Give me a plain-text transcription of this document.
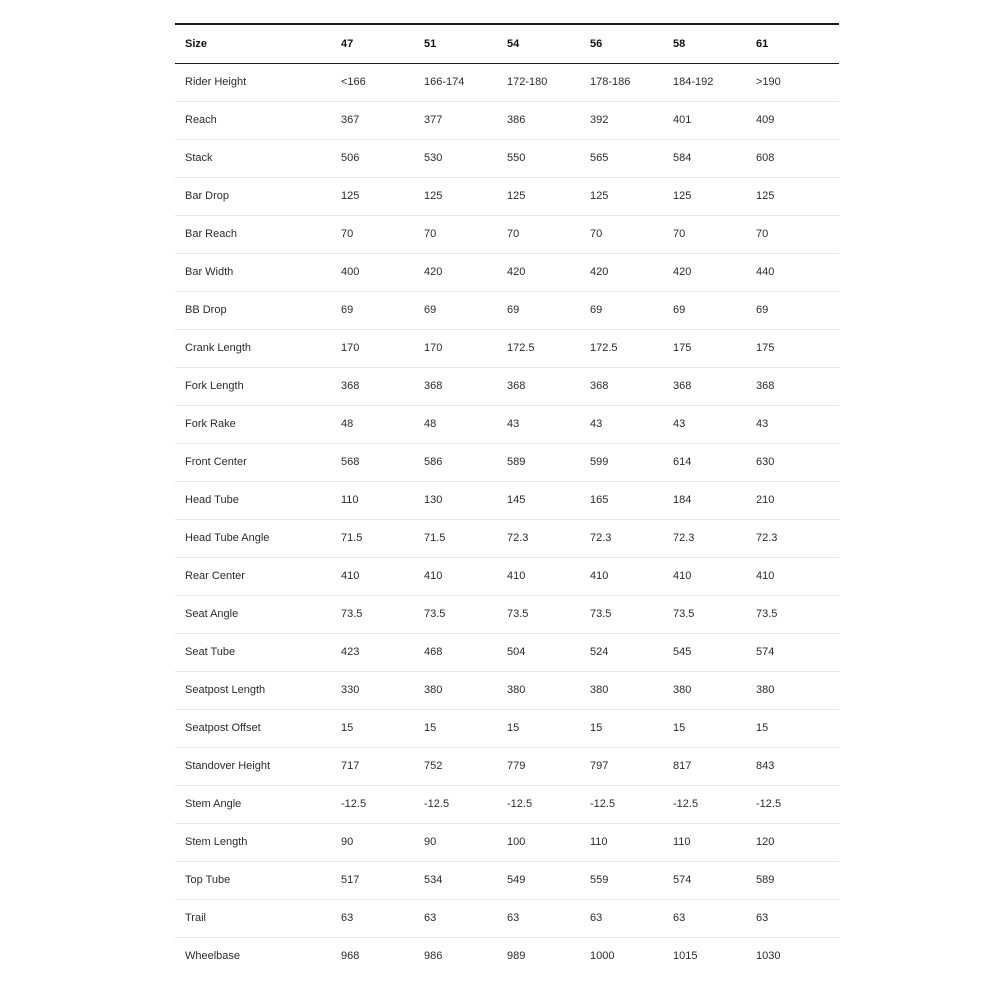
Size	47	51	54	56	58	61
Rider Height	<166	166-174	172-180	178-186	184-192	>190
Reach	367	377	386	392	401	409
Stack	506	530	550	565	584	608
Bar Drop	125	125	125	125	125	125
Bar Reach	70	70	70	70	70	70
Bar Width	400	420	420	420	420	440
BB Drop	69	69	69	69	69	69
Crank Length	170	170	172.5	172.5	175	175
Fork Length	368	368	368	368	368	368
Fork Rake	48	48	43	43	43	43
Front Center	568	586	589	599	614	630
Head Tube	110	130	145	165	184	210
Head Tube Angle	71.5	71.5	72.3	72.3	72.3	72.3
Rear Center	410	410	410	410	410	410
Seat Angle	73.5	73.5	73.5	73.5	73.5	73.5
Seat Tube	423	468	504	524	545	574
Seatpost Length	330	380	380	380	380	380
Seatpost Offset	15	15	15	15	15	15
Standover Height	717	752	779	797	817	843
Stem Angle	-12.5	-12.5	-12.5	-12.5	-12.5	-12.5
Stem Length	90	90	100	110	110	120
Top Tube	517	534	549	559	574	589
Trail	63	63	63	63	63	63
Wheelbase	968	986	989	1000	1015	1030
